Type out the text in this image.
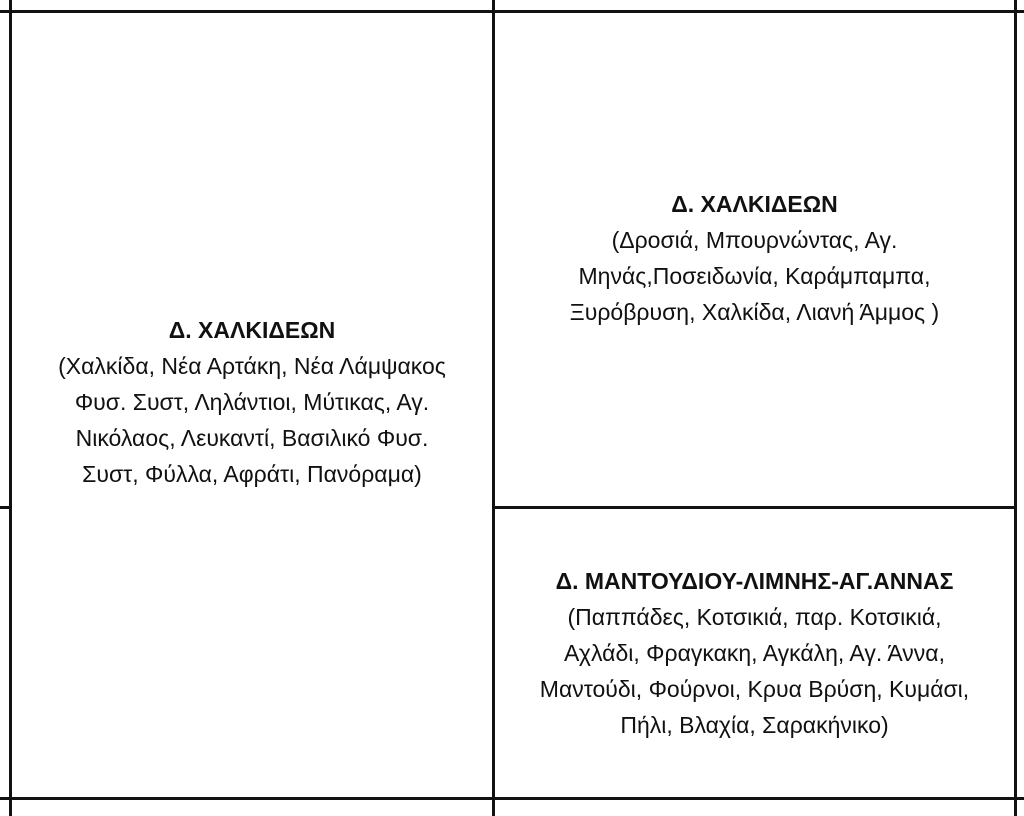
Δ. ΧΑΛΚΙΔΕΩΝ
(Χαλκίδα, Νέα Αρτάκη, Νέα Λάμψακος
Φυσ. Συστ, Ληλάντιοι, Μύτικας, Αγ.
Νικόλαος, Λευκαντί, Βασιλικό Φυσ.
Συστ, Φύλλα, Αφράτι, Πανόραμα)
Δ. ΧΑΛΚΙΔΕΩΝ
(Δροσιά, Μπουρνώντας, Αγ.
Μηνάς,Ποσειδωνία, Καράμπαμπα,
Ξυρόβρυση, Χαλκίδα, Λιανή Άμμος )
Δ. ΜΑΝΤΟΥΔΙΟΥ-ΛΙΜΝΗΣ-ΑΓ.ΑΝΝΑΣ
(Παππάδες, Κοτσικιά, παρ. Κοτσικιά,
Αχλάδι, Φραγκακη, Αγκάλη, Αγ. Άννα,
Μαντούδι, Φούρνοι, Κρυα Βρύση, Κυμάσι,
Πήλι, Βλαχία, Σαρακήνικο)
